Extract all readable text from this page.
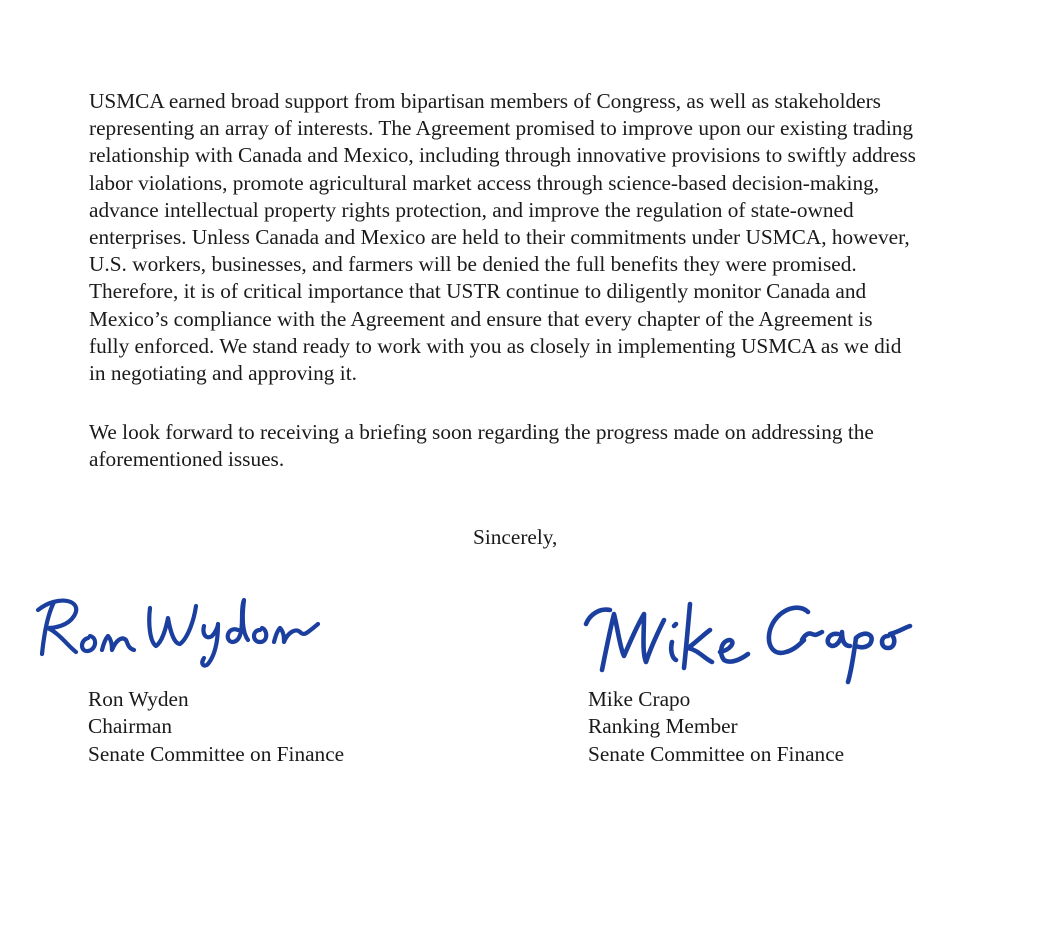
USMCA earned broad support from bipartisan members of Congress, as well as stakeholders
representing an array of interests. The Agreement promised to improve upon our existing trading
relationship with Canada and Mexico, including through innovative provisions to swiftly address
labor violations, promote agricultural market access through science-based decision-making,
advance intellectual property rights protection, and improve the regulation of state-owned
enterprises. Unless Canada and Mexico are held to their commitments under USMCA, however,
U.S. workers, businesses, and farmers will be denied the full benefits they were promised.
Therefore, it is of critical importance that USTR continue to diligently monitor Canada and
Mexico’s compliance with the Agreement and ensure that every chapter of the Agreement is
fully enforced. We stand ready to work with you as closely in implementing USMCA as we did
in negotiating and approving it.

We look forward to receiving a briefing soon regarding the progress made on addressing the
aforementioned issues.

Sincerely,
Ron Wyden
Chairman
Senate Committee on Finance
Mike Crapo
Ranking Member
Senate Committee on Finance
